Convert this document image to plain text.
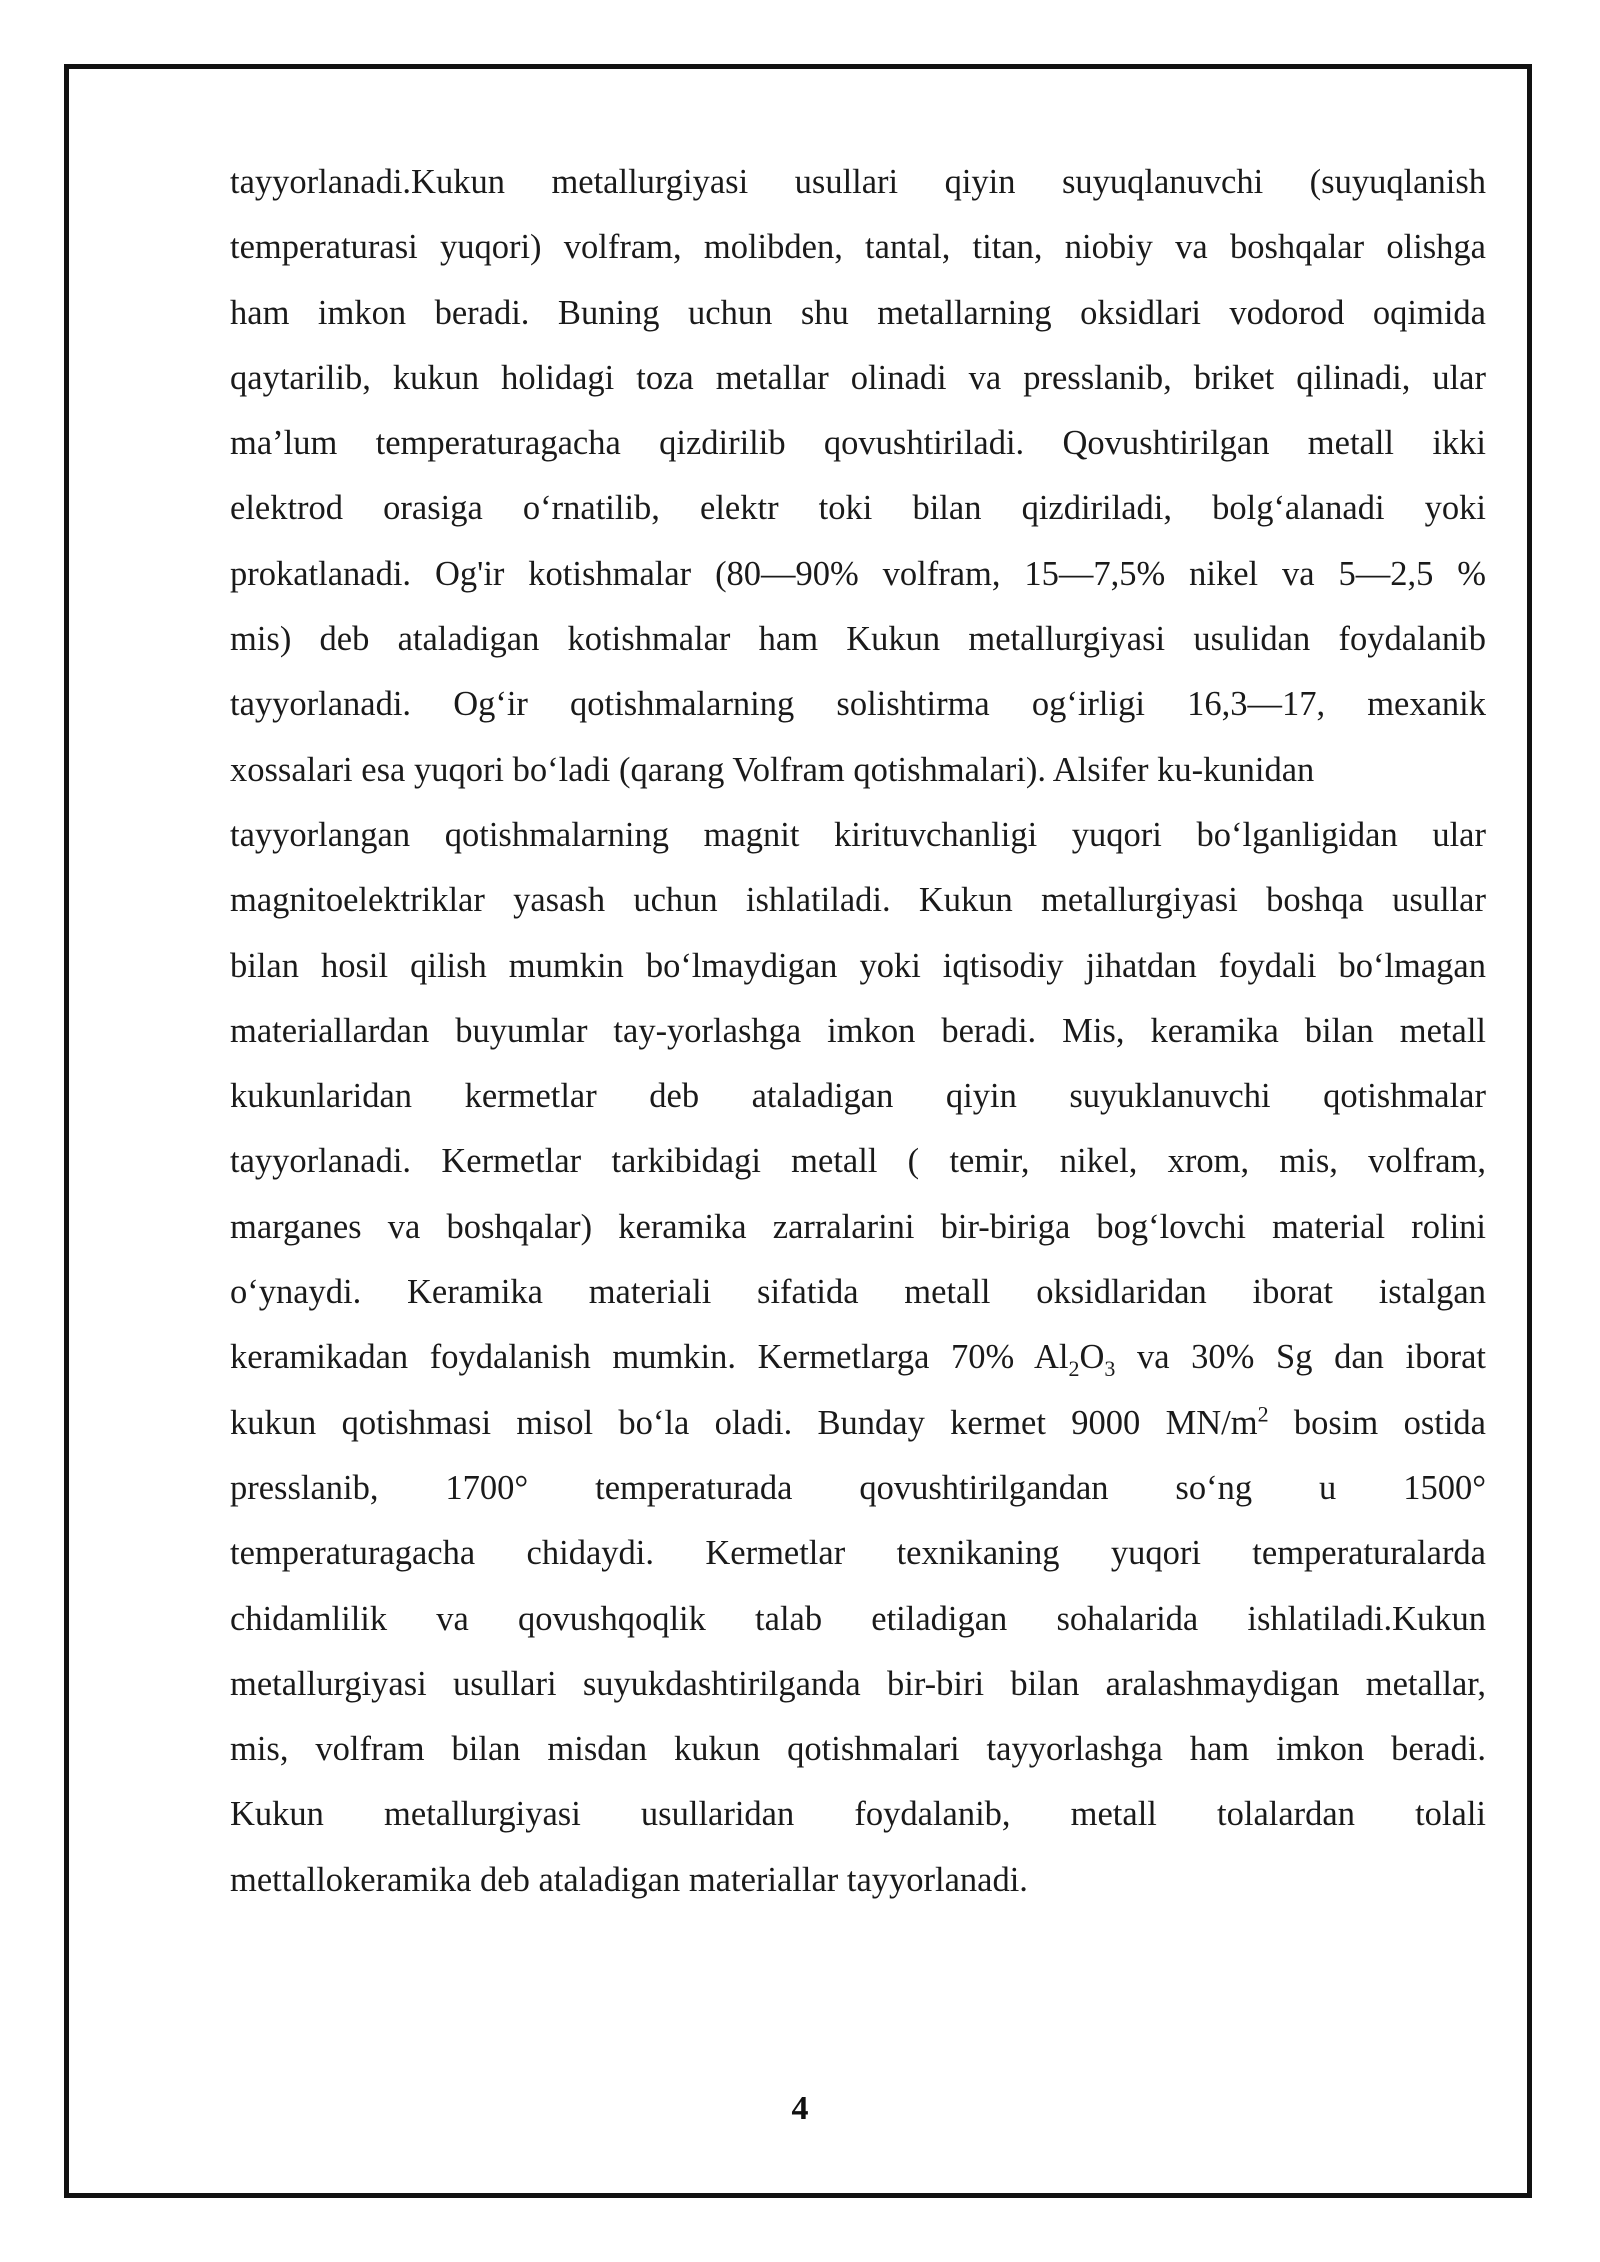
tayyorlanadi.Kukun metallurgiyasi usullari qiyin suyuqlanuvchi (suyuqlanish
temperaturasi yuqori) volfram, molibden, tantal, titan, niobiy va boshqalar olishga
ham imkon beradi. Buning uchun shu metallarning oksidlari vodorod oqimida
qaytarilib, kukun holidagi toza metallar olinadi va presslanib, briket qilinadi, ular
ma’lum temperaturagacha qizdirilib qovushtiriladi. Qovushtirilgan metall ikki
elektrod orasiga o‘rnatilib, elektr toki bilan qizdiriladi, bolg‘alanadi yoki
prokatlanadi. Og'ir kotishmalar (80—90% volfram, 15—7,5% nikel va 5—2,5 %
mis) deb ataladigan kotishmalar ham Kukun metallurgiyasi usulidan foydalanib
tayyorlanadi. Og‘ir qotishmalarning solishtirma og‘irligi 16,3—17, mexanik
xossalari esa yuqori bo‘ladi (qarang Volfram qotishmalari). Alsifer ku-kunidan
tayyorlangan qotishmalarning magnit kirituvchanligi yuqori bo‘lganligidan ular
magnitoelektriklar yasash uchun ishlatiladi. Kukun metallurgiyasi boshqa usullar
bilan hosil qilish mumkin bo‘lmaydigan yoki iqtisodiy jihatdan foydali bo‘lmagan
materiallardan buyumlar tay-yorlashga imkon beradi. Mis, keramika bilan metall
kukunlaridan kermetlar deb ataladigan qiyin suyuklanuvchi qotishmalar
tayyorlanadi. Kermetlar tarkibidagi metall ( temir, nikel, xrom, mis, volfram,
marganes va boshqalar) keramika zarralarini bir-biriga bog‘lovchi material rolini
o‘ynaydi. Keramika materiali sifatida metall oksidlaridan iborat istalgan
keramikadan foydalanish mumkin. Kermetlarga 70% $Al_2O_3$ va 30% Sg dan iborat
kukun qotishmasi misol bo‘la oladi. Bunday kermet 9000 $MN/m^2$ bosim ostida
presslanib, 1700° temperaturada qovushtirilgandan so‘ng u 1500°
temperaturagacha chidaydi. Kermetlar texnikaning yuqori temperaturalarda
chidamlilik va qovushqoqlik talab etiladigan sohalarida ishlatiladi.Kukun
metallurgiyasi usullari suyukdashtirilganda bir-biri bilan aralashmaydigan metallar,
mis, volfram bilan misdan kukun qotishmalari tayyorlashga ham imkon beradi.
Kukun metallurgiyasi usullaridan foydalanib, metall tolalardan tolali
mettallokeramika deb ataladigan materiallar tayyorlanadi.
4
